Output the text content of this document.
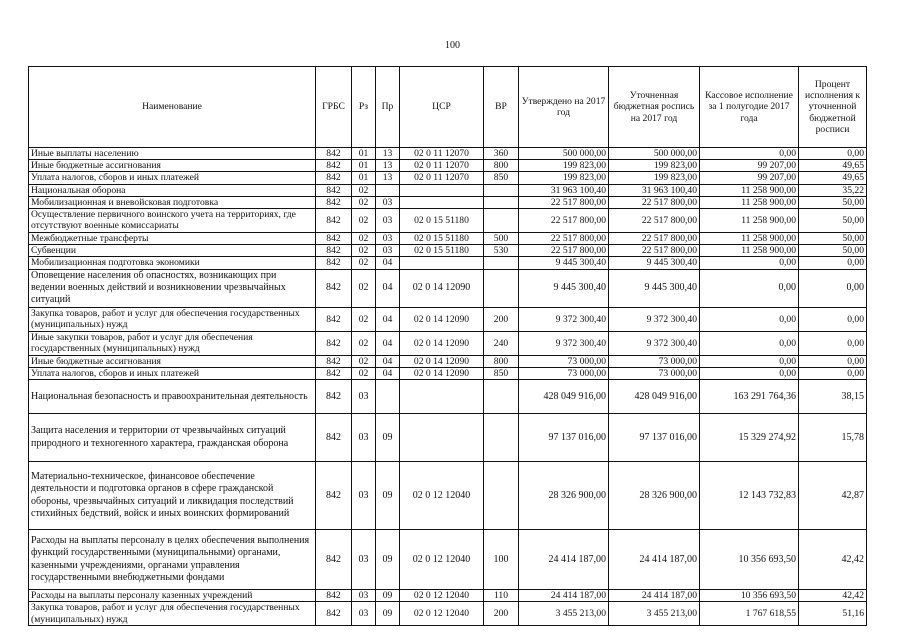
100
Наименование	ГРБС	Рз	Пр	ЦСР	ВР	Утверждено на 2017 год	Уточненная бюджетная роспись на 2017 год	Кассовое исполнение за 1 полугодие 2017 года	Процент исполнения к уточненной бюджетной росписи
Иные выплаты населению	842	01	13	02 0 11 12070	360	500 000,00	500 000,00	0,00	0,00
Иные бюджетные ассигнования	842	01	13	02 0 11 12070	800	199 823,00	199 823,00	99 207,00	49,65
Уплата налогов, сборов и иных платежей	842	01	13	02 0 11 12070	850	199 823,00	199 823,00	99 207,00	49,65
Национальная оборона	842	02				31 963 100,40	31 963 100,40	11 258 900,00	35,22
Мобилизационная и вневойсковая подготовка	842	02	03			22 517 800,00	22 517 800,00	11 258 900,00	50,00
Осуществление первичного воинского учета на территориях, где отсутствуют военные комиссариаты	842	02	03	02 0 15 51180		22 517 800,00	22 517 800,00	11 258 900,00	50,00
Межбюджетные трансферты	842	02	03	02 0 15 51180	500	22 517 800,00	22 517 800,00	11 258 900,00	50,00
Субвенции	842	02	03	02 0 15 51180	530	22 517 800,00	22 517 800,00	11 258 900,00	50,00
Мобилизационная подготовка экономики	842	02	04			9 445 300,40	9 445 300,40	0,00	0,00
Оповещение населения об опасностях, возникающих при ведении военных действий и возникновении чрезвычайных ситуаций	842	02	04	02 0 14 12090		9 445 300,40	9 445 300,40	0,00	0,00
Закупка товаров, работ и услуг для обеспечения государственных (муниципальных) нужд	842	02	04	02 0 14 12090	200	9 372 300,40	9 372 300,40	0,00	0,00
Иные закупки товаров, работ и услуг для обеспечения государственных (муниципальных) нужд	842	02	04	02 0 14 12090	240	9 372 300,40	9 372 300,40	0,00	0,00
Иные бюджетные ассигнования	842	02	04	02 0 14 12090	800	73 000,00	73 000,00	0,00	0,00
Уплата налогов, сборов и иных платежей	842	02	04	02 0 14 12090	850	73 000,00	73 000,00	0,00	0,00
Национальная безопасность и правоохранительная деятельность	842	03				428 049 916,00	428 049 916,00	163 291 764,36	38,15
Защита населения и территории от чрезвычайных ситуаций природного и техногенного характера, гражданская оборона	842	03	09			97 137 016,00	97 137 016,00	15 329 274,92	15,78
Материально-техническое, финансовое обеспечение деятельности и подготовка органов в сфере гражданской обороны, чрезвычайных ситуаций и ликвидация последствий стихийных бедствий, войск и иных воинских формирований	842	03	09	02 0 12 12040		28 326 900,00	28 326 900,00	12 143 732,83	42,87
Расходы на выплаты персоналу в целях обеспечения выполнения функций государственными (муниципальными) органами, казенными учреждениями, органами управления государственными внебюджетными фондами	842	03	09	02 0 12 12040	100	24 414 187,00	24 414 187,00	10 356 693,50	42,42
Расходы на выплаты персоналу казенных учреждений	842	03	09	02 0 12 12040	110	24 414 187,00	24 414 187,00	10 356 693,50	42,42
Закупка товаров, работ и услуг для обеспечения государственных (муниципальных) нужд	842	03	09	02 0 12 12040	200	3 455 213,00	3 455 213,00	1 767 618,55	51,16
